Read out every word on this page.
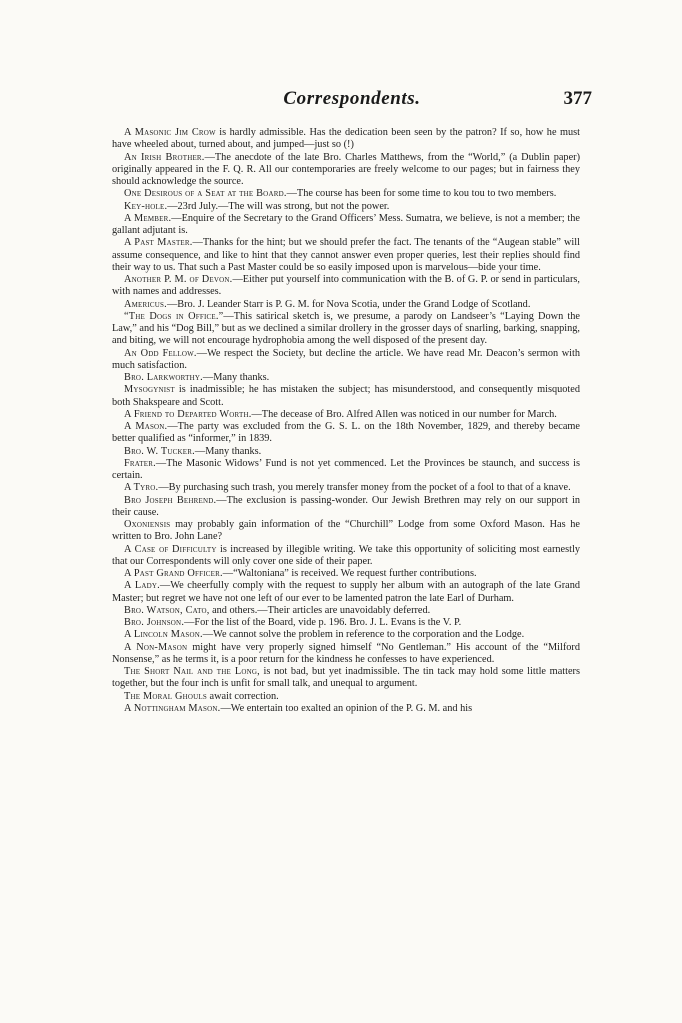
Correspondents.	377

A Masonic Jim Crow is hardly admissible. Has the dedication been seen by the patron? If so, how he must have wheeled about, turned about, and jumped—just so (!)

An Irish Brother.—The anecdote of the late Bro. Charles Matthews, from the “World,” (a Dublin paper) originally appeared in the F. Q. R. All our contemporaries are freely welcome to our pages; but in fairness they should acknowledge the source.

One Desirous of a Seat at the Board.—The course has been for some time to kou tou to two members.

Key-hole.—23rd July.—The will was strong, but not the power.

A Member.—Enquire of the Secretary to the Grand Officers’ Mess. Sumatra, we believe, is not a member; the gallant adjutant is.

A Past Master.—Thanks for the hint; but we should prefer the fact. The tenants of the “Augean stable” will assume consequence, and like to hint that they cannot answer even proper queries, lest their replies should find their way to us. That such a Past Master could be so easily imposed upon is marvelous—bide your time.

Another P. M. of Devon.—Either put yourself into communication with the B. of G. P. or send in particulars, with names and addresses.

Americus.—Bro. J. Leander Starr is P. G. M. for Nova Scotia, under the Grand Lodge of Scotland.

“The Dogs in Office.”—This satirical sketch is, we presume, a parody on Landseer’s “Laying Down the Law,” and his “Dog Bill,” but as we declined a similar drollery in the grosser days of snarling, barking, snapping, and biting, we will not encourage hydrophobia among the well disposed of the present day.

An Odd Fellow.—We respect the Society, but decline the article. We have read Mr. Deacon’s sermon with much satisfaction.

Bro. Larkworthy.—Many thanks.

Mysogynist is inadmissible; he has mistaken the subject; has misunderstood, and consequently misquoted both Shakspeare and Scott.

A Friend to Departed Worth.—The decease of Bro. Alfred Allen was noticed in our number for March.

A Mason.—The party was excluded from the G. S. L. on the 18th November, 1829, and thereby became better qualified as “informer,” in 1839.

Bro. W. Tucker.—Many thanks.

Frater.—The Masonic Widows’ Fund is not yet commenced. Let the Provinces be staunch, and success is certain.

A Tyro.—By purchasing such trash, you merely transfer money from the pocket of a fool to that of a knave.

Bro Joseph Behrend.—The exclusion is passing-wonder. Our Jewish Brethren may rely on our support in their cause.

Oxoniensis may probably gain information of the “Churchill” Lodge from some Oxford Mason. Has he written to Bro. John Lane?

A Case of Difficulty is increased by illegible writing. We take this opportunity of soliciting most earnestly that our Correspondents will only cover one side of their paper.

A Past Grand Officer.—“Waltoniana” is received. We request further contributions.

A Lady.—We cheerfully comply with the request to supply her album with an autograph of the late Grand Master; but regret we have not one left of our ever to be lamented patron the late Earl of Durham.

Bro. Watson, Cato, and others.—Their articles are unavoidably deferred.

Bro. Johnson.—For the list of the Board, vide p. 196. Bro. J. L. Evans is the V. P.

A Lincoln Mason.—We cannot solve the problem in reference to the corporation and the Lodge.

A Non-Mason might have very properly signed himself “No Gentleman.” His account of the “Milford Nonsense,” as he terms it, is a poor return for the kindness he confesses to have experienced.

The Short Nail and the Long, is not bad, but yet inadmissible. The tin tack may hold some little matters together, but the four inch is unfit for small talk, and unequal to argument.

The Moral Ghouls await correction.

A Nottingham Mason.—We entertain too exalted an opinion of the P. G. M. and his
